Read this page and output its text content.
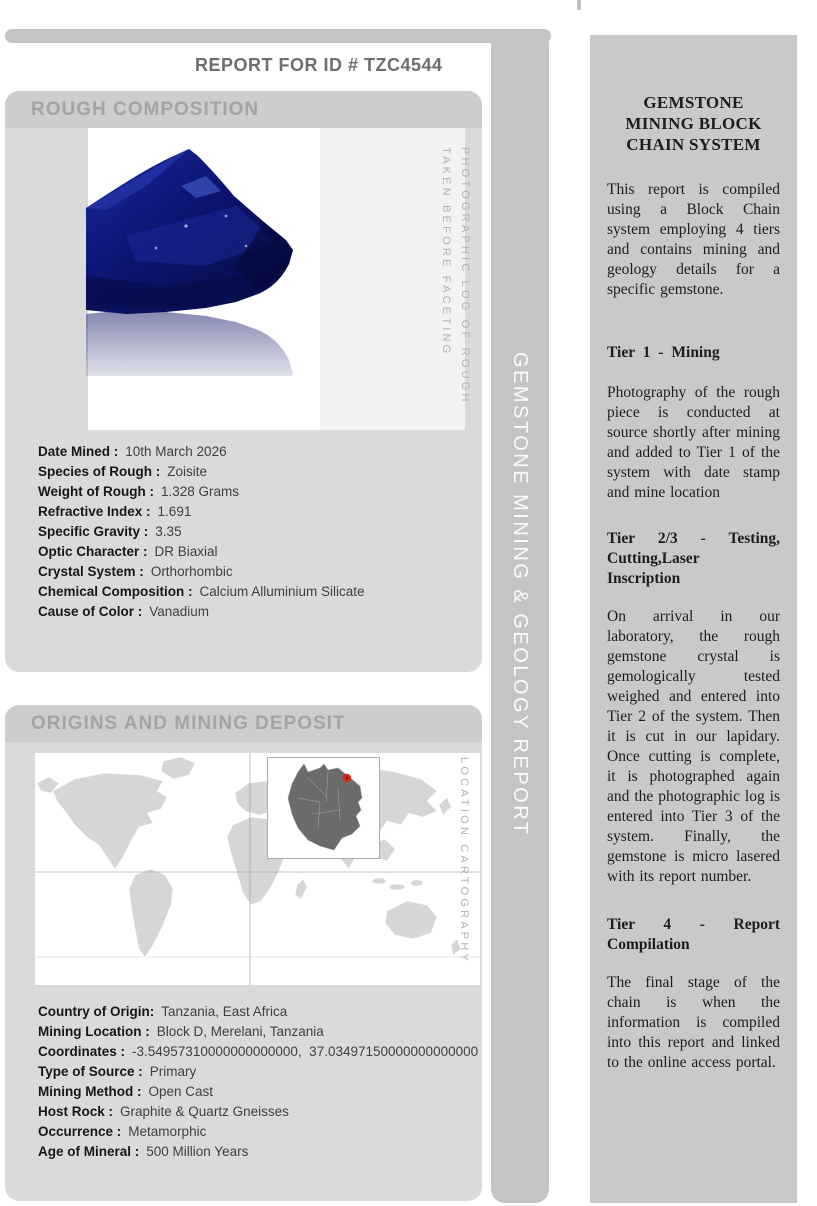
REPORT FOR ID # TZC4544
GEMSTONE MINING & GEOLOGY REPORT
ROUGH COMPOSITION
PHOTOGRAPHIC LOG OF ROUGH
TAKEN BEFORE FACETING
Date Mined : 10th March 2026
Species of Rough : Zoisite
Weight of Rough : 1.328 Grams
Refractive Index : 1.691
Specific Gravity : 3.35
Optic Character : DR Biaxial
Crystal System : Orthorhombic
Chemical Composition : Calcium Alluminium Silicate
Cause of Color : Vanadium
ORIGINS AND MINING DEPOSIT
LOCATION CARTOGRAPHY
Country of Origin: Tanzania, East Africa
Mining Location : Block D, Merelani, Tanzania
Coordinates : -3.54957310000000000000,  37.03497150000000000000
Type of Source : Primary
Mining Method : Open Cast
Host Rock : Graphite & Quartz Gneisses
Occurrence : Metamorphic
Age of Mineral : 500 Million Years
GEMSTONE
MINING BLOCK
CHAIN SYSTEM
This report is compiled using a Block Chain system employing 4 tiers and contains mining and geology details for a specific gemstone.
Tier 1 - Mining
Photography of the rough piece is conducted at source shortly after mining and added to Tier 1 of the system with date stamp and mine location
Tier 2/3 - Testing, Cutting,Laser Inscription
On arrival in our laboratory, the rough gemstone crystal is gemologically tested weighed and entered into Tier 2 of the system. Then it is cut in our lapidary. Once cutting is complete, it is photographed again and the photographic log is entered into Tier 3 of the system. Finally, the gemstone is micro lasered with its report number.
Tier 4 - Report Compilation
The final stage of the chain is when the information is compiled into this report and linked to the online access portal.
